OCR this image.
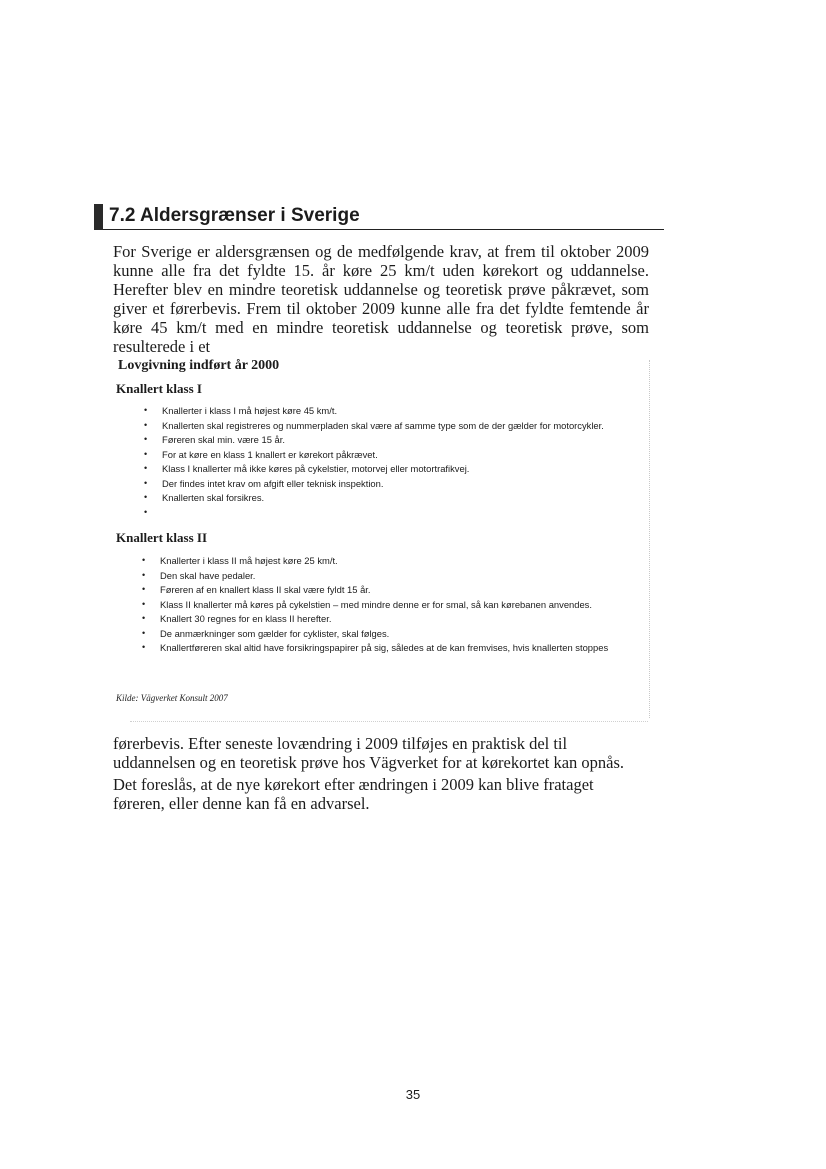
7.2 Aldersgrænser i Sverige

For Sverige er aldersgrænsen og de medfølgende krav, at frem til oktober 2009 kunne alle fra det fyldte 15. år køre 25 km/t uden kørekort og uddannelse. Herefter blev en mindre teoretisk uddannelse og teoretisk prøve påkrævet, som giver et førerbevis. Frem til oktober 2009 kunne alle fra det fyldte femtende år køre 45 km/t med en mindre teoretisk uddannelse og teoretisk prøve, som resulterede i et

Lovgivning indført år 2000
Knallert klass I
• Knallerter i klass I må højest køre 45 km/t.
• Knallerten skal registreres og nummerpladen skal være af samme type som de der gælder for motorcykler.
• Føreren skal min. være 15 år.
• For at køre en klass 1 knallert er kørekort påkrævet.
• Klass I knallerter må ikke køres på cykelstier, motorvej eller motortrafikvej.
• Der findes intet krav om afgift eller teknisk inspektion.
• Knallerten skal forsikres.
•

Knallert klass II
• Knallerter i klass II må højest køre 25 km/t.
• Den skal have pedaler.
• Føreren af en knallert klass II skal være fyldt 15 år.
• Klass II knallerter må køres på cykelstien – med mindre denne er for smal, så kan kørebanen anvendes.
• Knallert 30 regnes for en klass II herefter.
• De anmærkninger som gælder for cyklister, skal følges.
• Knallertføreren skal altid have forsikringspapirer på sig, således at de kan fremvises, hvis knallerten stoppes
Kilde: Vägverket Konsult 2007

førerbevis. Efter seneste lovændring i 2009 tilføjes en praktisk del til uddannelsen og en teoretisk prøve hos Vägverket for at kørekortet kan opnås.

Det foreslås, at de nye kørekort efter ændringen i 2009 kan blive frataget føreren, eller denne kan få en advarsel.

35
